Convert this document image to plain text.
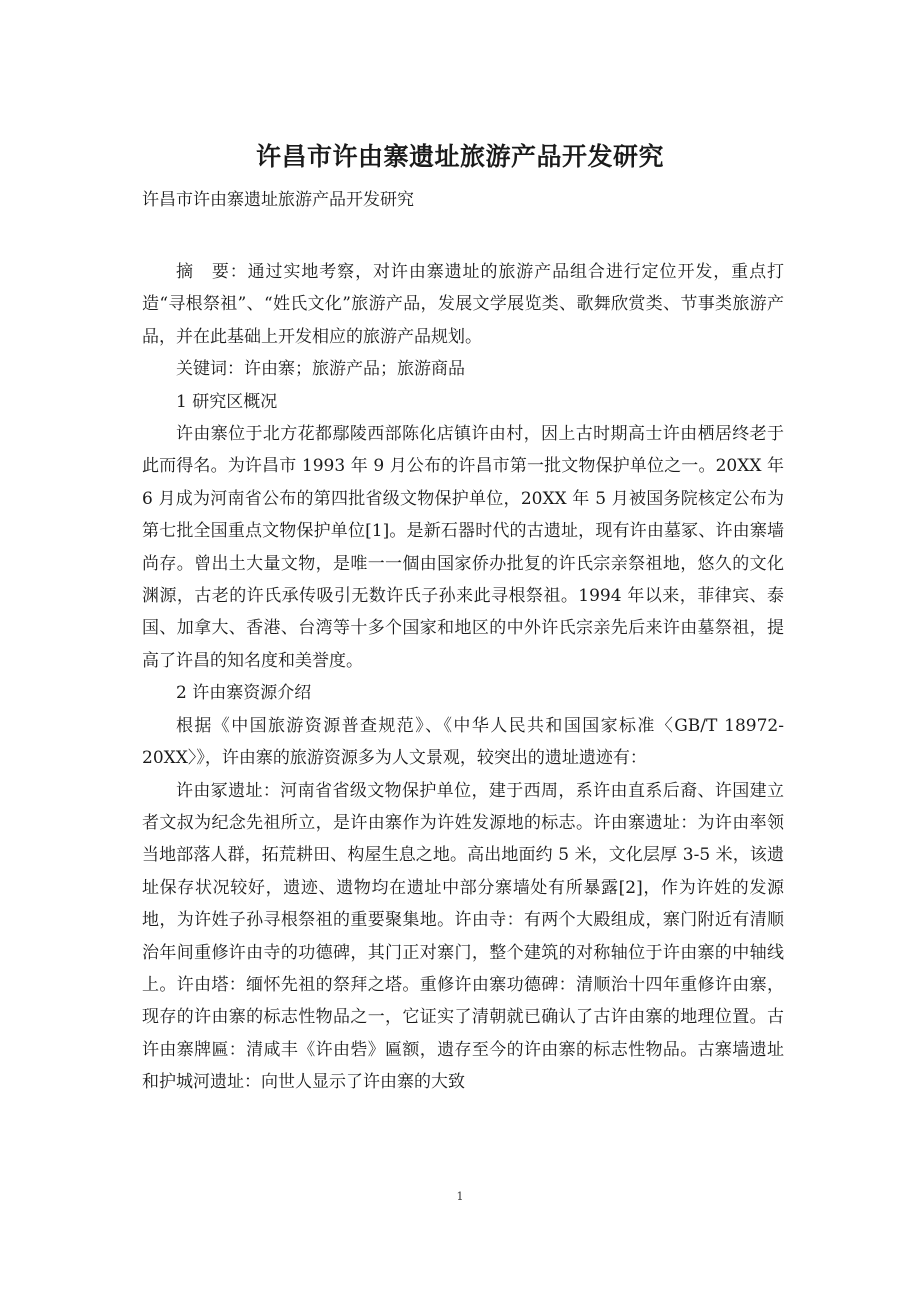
许昌市许由寨遗址旅游产品开发研究
许昌市许由寨遗址旅游产品开发研究

摘　要：通过实地考察，对许由寨遗址的旅游产品组合进行定位开发，重点打造“寻根祭祖”、“姓氏文化”旅游产品，发展文学展览类、歌舞欣赏类、节事类旅游产品，并在此基础上开发相应的旅游产品规划。

关键词：许由寨；旅游产品；旅游商品

1 研究区概况

许由寨位于北方花都鄢陵西部陈化店镇许由村，因上古时期高士许由栖居终老于此而得名。为许昌市 1993 年 9 月公布的许昌市第一批文物保护单位之一。20XX 年 6 月成为河南省公布的第四批省级文物保护单位，20XX 年 5 月被国务院核定公布为第七批全国重点文物保护单位[1]。是新石器时代的古遗址，现有许由墓冢、许由寨墙尚存。曾出土大量文物，是唯一一個由国家侨办批复的许氏宗亲祭祖地，悠久的文化渊源，古老的许氏承传吸引无数许氏子孙来此寻根祭祖。1994 年以来，菲律宾、泰国、加拿大、香港、台湾等十多个国家和地区的中外许氏宗亲先后来许由墓祭祖，提高了许昌的知名度和美誉度。

2 许由寨资源介绍

根据《中国旅游资源普查规范》、《中华人民共和国国家标准〈GB/T 18972-20XX〉》，许由寨的旅游资源多为人文景观，较突出的遗址遗迹有：

许由冢遗址：河南省省级文物保护单位，建于西周，系许由直系后裔、许国建立者文叔为纪念先祖所立，是许由寨作为许姓发源地的标志。许由寨遗址：为许由率领当地部落人群，拓荒耕田、构屋生息之地。高出地面约 5 米，文化层厚 3-5 米，该遗址保存状况较好，遗迹、遗物均在遗址中部分寨墙处有所暴露[2]，作为许姓的发源地，为许姓子孙寻根祭祖的重要聚集地。许由寺：有两个大殿组成，寨门附近有清顺治年间重修许由寺的功德碑，其门正对寨门，整个建筑的对称轴位于许由寨的中轴线上。许由塔：缅怀先祖的祭拜之塔。重修许由寨功德碑：清顺治十四年重修许由寨，现存的许由寨的标志性物品之一，它证实了清朝就已确认了古许由寨的地理位置。古许由寨牌匾：清咸丰《许由砦》匾额，遗存至今的许由寨的标志性物品。古寨墙遗址和护城河遗址：向世人显示了许由寨的大致

1
